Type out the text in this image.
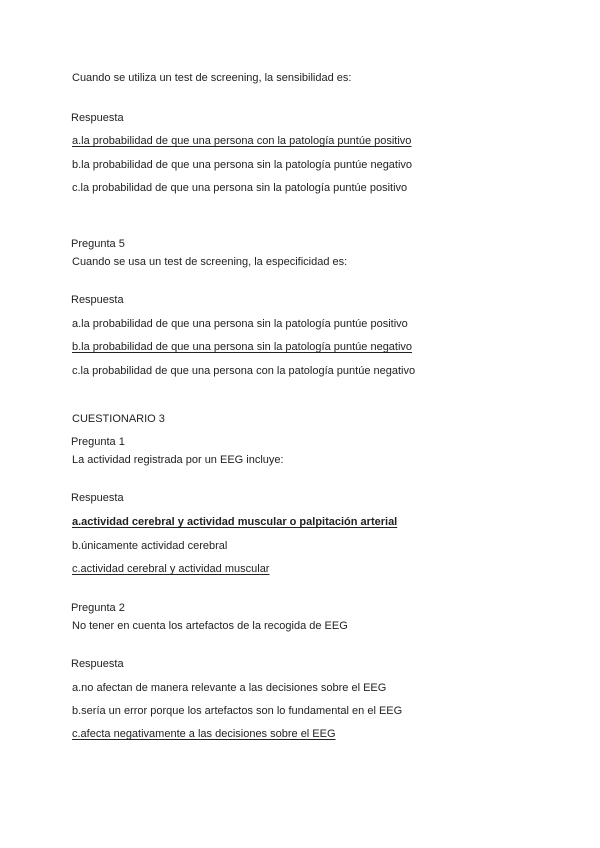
Cuando se utiliza un test de screening, la sensibilidad es:
Respuesta
a.la probabilidad de que una persona con la patología puntúe positivo
b.la probabilidad de que una persona sin la patología puntúe negativo
c.la probabilidad de que una persona sin la patología puntúe positivo
Pregunta 5
Cuando se usa un test de screening, la especificidad es:
Respuesta
a.la probabilidad de que una persona sin la patología puntúe positivo
b.la probabilidad de que una persona sin la patología puntúe negativo
c.la probabilidad de que una persona con la patología puntúe negativo
CUESTIONARIO 3
Pregunta 1
La actividad registrada por un EEG incluye:
Respuesta
a.actividad cerebral y actividad muscular o palpitación arterial
b.únicamente actividad cerebral
c.actividad cerebral y actividad muscular
Pregunta 2
No tener en cuenta los artefactos de la recogida de EEG
Respuesta
a.no afectan de manera relevante a las decisiones sobre el EEG
b.sería un error porque los artefactos son lo fundamental en el EEG
c.afecta negativamente a las decisiones sobre el EEG
